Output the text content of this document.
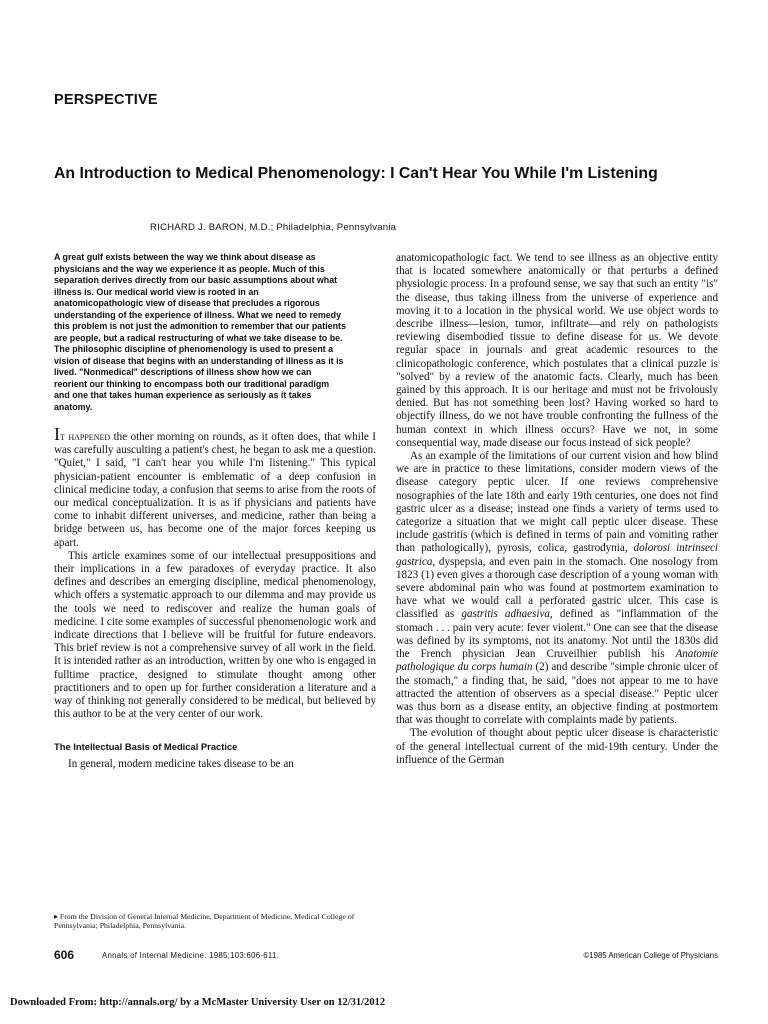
PERSPECTIVE
An Introduction to Medical Phenomenology: I Can't Hear You While I'm Listening
RICHARD J. BARON, M.D.; Philadelphia, Pennsylvania
A great gulf exists between the way we think about disease as physicians and the way we experience it as people. Much of this separation derives directly from our basic assumptions about what illness is. Our medical world view is rooted in an anatomicopathologic view of disease that precludes a rigorous understanding of the experience of illness. What we need to remedy this problem is not just the admonition to remember that our patients are people, but a radical restructuring of what we take disease to be. The philosophic discipline of phenomenology is used to present a vision of disease that begins with an understanding of illness as it is lived. "Nonmedical" descriptions of illness show how we can reorient our thinking to encompass both our traditional paradigm and one that takes human experience as seriously as it takes anatomy.

It happened the other morning on rounds, as it often does, that while I was carefully ausculting a patient's chest, he began to ask me a question. "Quiet," I said, "I can't hear you while I'm listening." This typical physician-patient encounter is emblematic of a deep confusion in clinical medicine today, a confusion that seems to arise from the roots of our medical conceptualization. It is as if physicians and patients have come to inhabit different universes, and medicine, rather than being a bridge between us, has become one of the major forces keeping us apart.

This article examines some of our intellectual presuppositions and their implications in a few paradoxes of everyday practice. It also defines and describes an emerging discipline, medical phenomenology, which offers a systematic approach to our dilemma and may provide us the tools we need to rediscover and realize the human goals of medicine. I cite some examples of successful phenomenologic work and indicate directions that I believe will be fruitful for future endeavors. This brief review is not a comprehensive survey of all work in the field. It is intended rather as an introduction, written by one who is engaged in fulltime practice, designed to stimulate thought among other practitioners and to open up for further consideration a literature and a way of thinking not generally considered to be medical, but believed by this author to be at the very center of our work.

The Intellectual Basis of Medical Practice

In general, modern medicine takes disease to be an

anatomicopathologic fact. We tend to see illness as an objective entity that is located somewhere anatomically or that perturbs a defined physiologic process. In a profound sense, we say that such an entity "is" the disease, thus taking illness from the universe of experience and moving it to a location in the physical world. We use object words to describe illness—lesion, tumor, infiltrate—and rely on pathologists reviewing disembodied tissue to define disease for us. We devote regular space in journals and great academic resources to the clinicopathologic conference, which postulates that a clinical puzzle is "solved" by a review of the anatomic facts. Clearly, much has been gained by this approach. It is our heritage and must not be frivolously denied. But has not something been lost? Having worked so hard to objectify illness, do we not have trouble confronting the fullness of the human context in which illness occurs? Have we not, in some consequential way, made disease our focus instead of sick people?

As an example of the limitations of our current vision and how blind we are in practice to these limitations, consider modern views of the disease category peptic ulcer. If one reviews comprehensive nosographies of the late 18th and early 19th centuries, one does not find gastric ulcer as a disease; instead one finds a variety of terms used to categorize a situation that we might call peptic ulcer disease. These include gastritis (which is defined in terms of pain and vomiting rather than pathologically), pyrosis, colica, gastrodynia, dolorosi intrinseci gastrica, dyspepsia, and even pain in the stomach. One nosology from 1823 (1) even gives a thorough case description of a young woman with severe abdominal pain who was found at postmortem examination to have what we would call a perforated gastric ulcer. This case is classified as gastritis adhaesiva, defined as "inflammation of the stomach . . . pain very acute: fever violent." One can see that the disease was defined by its symptoms, not its anatomy. Not until the 1830s did the French physician Jean Cruveilhier publish his Anatomie pathologique du corps humain (2) and describe "simple chronic ulcer of the stomach," a finding that, he said, "does not appear to me to have attracted the attention of observers as a special disease." Peptic ulcer was thus born as a disease entity, an objective finding at postmortem that was thought to correlate with complaints made by patients.

The evolution of thought about peptic ulcer disease is characteristic of the general intellectual current of the mid-19th century. Under the influence of the German

▸ From the Division of General Internal Medicine, Department of Medicine, Medical College of Pennsylvania; Philadelphia, Pennsylvania.
606	Annals of Internal Medicine. 1985;103:606-611.	©1985 American College of Physicians
Downloaded From: http://annals.org/ by a McMaster University User on 12/31/2012
